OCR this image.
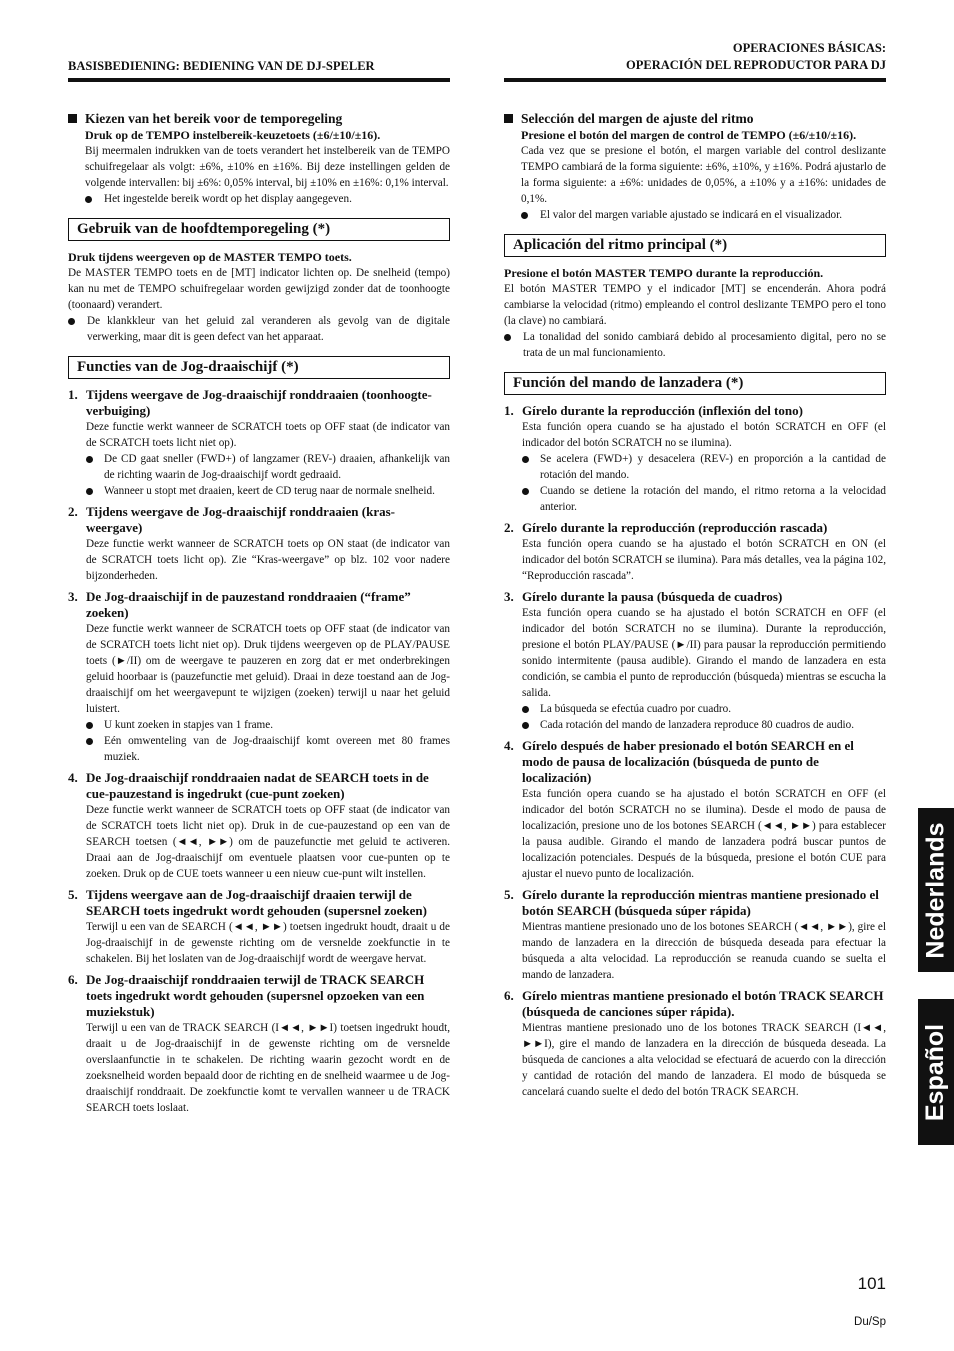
BASISBEDIENING: BEDIENING VAN DE DJ-SPELER
OPERACIONES BÁSICAS:
OPERACIÓN DEL REPRODUCTOR PARA DJ
Kiezen van het bereik voor de temporegeling
Druk op de TEMPO instelbereik-keuzetoets (±6/±10/±16).
Bij meermalen indrukken van de toets verandert het instelbereik van de TEMPO schuifregelaar als volgt: ±6%, ±10% en ±16%. Bij deze instellingen gelden de volgende intervallen: bij ±6%: 0,05% interval, bij ±10% en ±16%: 0,1% interval.
Het ingestelde bereik wordt op het display aangegeven.
Gebruik van de hoofdtemporegeling (*)
Druk tijdens weergeven op de MASTER TEMPO toets.
De MASTER TEMPO toets en de [MT] indicator lichten op. De snelheid (tempo) kan nu met de TEMPO schuifregelaar worden gewijzigd zonder dat de toonhoogte (toonaard) verandert.
De klankkleur van het geluid zal veranderen als gevolg van de digitale verwerking, maar dit is geen defect van het apparaat.
Functies van de Jog-draaischijf (*)
1. Tijdens weergave de Jog-draaischijf ronddraaien (toonhoogte-verbuiging)
Deze functie werkt wanneer de SCRATCH toets op OFF staat (de indicator van de SCRATCH toets licht niet op).
De CD gaat sneller (FWD+) of langzamer (REV-) draaien, afhankelijk van de richting waarin de Jog-draaischijf wordt gedraaid.
Wanneer u stopt met draaien, keert de CD terug naar de normale snelheid.
2. Tijdens weergave de Jog-draaischijf ronddraaien (kras-weergave)
Deze functie werkt wanneer de SCRATCH toets op ON staat (de indicator van de SCRATCH toets licht op). Zie “Kras-weergave” op blz. 102 voor nadere bijzonderheden.
3. De Jog-draaischijf in de pauzestand ronddraaien (“frame” zoeken)
Deze functie werkt wanneer de SCRATCH toets op OFF staat (de indicator van de SCRATCH toets licht niet op). Druk tijdens weergeven op de PLAY/PAUSE toets (►/II) om de weergave te pauzeren en zorg dat er met onderbrekingen geluid hoorbaar is (pauzefunctie met geluid). Draai in deze toestand aan de Jog-draaischijf om het weergavepunt te wijzigen (zoeken) terwijl u naar het geluid luistert.
U kunt zoeken in stapjes van 1 frame.
Eén omwenteling van de Jog-draaischijf komt overeen met 80 frames muziek.
4. De Jog-draaischijf ronddraaien nadat de SEARCH toets in de cue-pauzestand is ingedrukt (cue-punt zoeken)
Deze functie werkt wanneer de SCRATCH toets op OFF staat (de indicator van de SCRATCH toets licht niet op). Druk in de cue-pauzestand op een van de SEARCH toetsen (◄◄, ►►) om de pauzefunctie met geluid te activeren. Draai aan de Jog-draaischijf om eventuele plaatsen voor cue-punten op te zoeken. Druk op de CUE toets wanneer u een nieuw cue-punt wilt instellen.
5. Tijdens weergave aan de Jog-draaischijf draaien terwijl de SEARCH toets ingedrukt wordt gehouden (supersnel zoeken)
Terwijl u een van de SEARCH (◄◄, ►►) toetsen ingedrukt houdt, draait u de Jog-draaischijf in de gewenste richting om de versnelde zoekfunctie in te schakelen. Bij het loslaten van de Jog-draaischijf wordt de weergave hervat.
6. De Jog-draaischijf ronddraaien terwijl de TRACK SEARCH toets ingedrukt wordt gehouden (supersnel opzoeken van een muziekstuk)
Terwijl u een van de TRACK SEARCH (I◄◄, ►►I) toetsen ingedrukt houdt, draait u de Jog-draaischijf in de gewenste richting om de versnelde overslaanfunctie in te schakelen. De richting waarin gezocht wordt en de zoeksnelheid worden bepaald door de richting en de snelheid waarmee u de Jog-draaischijf ronddraait. De zoekfunctie komt te vervallen wanneer u de TRACK SEARCH toets loslaat.
Selección del margen de ajuste del ritmo
Presione el botón del margen de control de TEMPO (±6/±10/±16).
Cada vez que se presione el botón, el margen variable del control deslizante TEMPO cambiará de la forma siguiente: ±6%, ±10%, y ±16%. Podrá ajustarlo de la forma siguiente: a ±6%: unidades de 0,05%, a ±10% y a ±16%: unidades de 0,1%.
El valor del margen variable ajustado se indicará en el visualizador.
Aplicación del ritmo principal (*)
Presione el botón MASTER TEMPO durante la reproducción.
El botón MASTER TEMPO y el indicador [MT] se encenderán. Ahora podrá cambiarse la velocidad (ritmo) empleando el control deslizante TEMPO pero el tono (la clave) no cambiará.
La tonalidad del sonido cambiará debido al procesamiento digital, pero no se trata de un mal funcionamiento.
Función del mando de lanzadera (*)
1. Gírelo durante la reproducción (inflexión del tono)
Esta función opera cuando se ha ajustado el botón SCRATCH en OFF (el indicador del botón SCRATCH no se ilumina).
Se acelera (FWD+) y desacelera (REV-) en proporción a la cantidad de rotación del mando.
Cuando se detiene la rotación del mando, el ritmo retorna a la velocidad anterior.
2. Gírelo durante la reproducción (reproducción rascada)
Esta función opera cuando se ha ajustado el botón SCRATCH en ON (el indicador del botón SCRATCH se ilumina). Para más detalles, vea la página 102, “Reproducción rascada”.
3. Gírelo durante la pausa (búsqueda de cuadros)
Esta función opera cuando se ha ajustado el botón SCRATCH en OFF (el indicador del botón SCRATCH no se ilumina). Durante la reproducción, presione el botón PLAY/PAUSE (►/II) para pausar la reproducción permitiendo sonido intermitente (pausa audible). Girando el mando de lanzadera en esta condición, se cambia el punto de reproducción (búsqueda) mientras se escucha la salida.
La búsqueda se efectúa cuadro por cuadro.
Cada rotación del mando de lanzadera reproduce 80 cuadros de audio.
4. Gírelo después de haber presionado el botón SEARCH en el modo de pausa de localización (búsqueda de punto de localización)
Esta función opera cuando se ha ajustado el botón SCRATCH en OFF (el indicador del botón SCRATCH no se ilumina). Desde el modo de pausa de localización, presione uno de los botones SEARCH (◄◄, ►►) para establecer la pausa audible. Girando el mando de lanzadera podrá buscar puntos de localización potenciales. Después de la búsqueda, presione el botón CUE para ajustar el nuevo punto de localización.
5. Gírelo durante la reproducción mientras mantiene presionado el botón SEARCH (búsqueda súper rápida)
Mientras mantiene presionado uno de los botones SEARCH (◄◄, ►►), gire el mando de lanzadera en la dirección de búsqueda deseada para efectuar la búsqueda a alta velocidad. La reproducción se reanuda cuando se suelta el mando de lanzadera.
6. Gírelo mientras mantiene presionado el botón TRACK SEARCH (búsqueda de canciones súper rápida).
Mientras mantiene presionado uno de los botones TRACK SEARCH (I◄◄, ►►I), gire el mando de lanzadera en la dirección de búsqueda deseada. La búsqueda de canciones a alta velocidad se efectuará de acuerdo con la dirección y cantidad de rotación del mando de lanzadera. El modo de búsqueda se cancelará cuando suelte el dedo del botón TRACK SEARCH.
Nederlands
Español
101
Du/Sp
